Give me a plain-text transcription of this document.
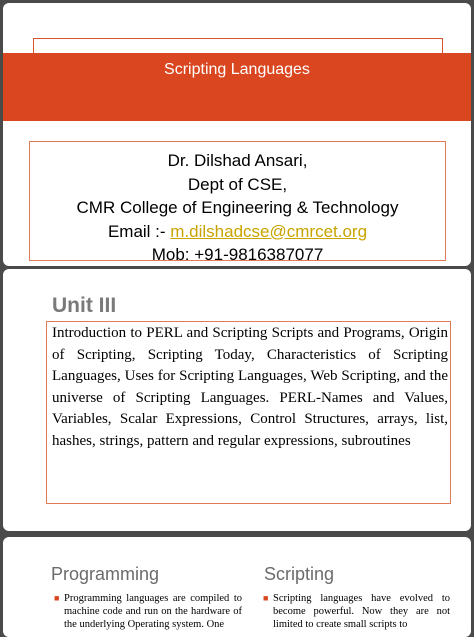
Scripting Languages
Dr. Dilshad Ansari,
Dept of CSE,
CMR College of Engineering & Technology
Email :- m.dilshadcse@cmrcet.org
Mob: +91-9816387077
Unit III
Introduction to PERL and Scripting Scripts and Programs, Origin of Scripting, Scripting Today, Characteristics of Scripting Languages, Uses for Scripting Languages, Web Scripting, and the universe of Scripting Languages. PERL-Names and Values, Variables, Scalar Expressions, Control Structures, arrays, list, hashes, strings, pattern and regular expressions, subroutines
Programming	Scripting
■ Programming languages are compiled to machine code and run on the hardware of the underlying Operating system. One
■ Scripting languages have evolved to become powerful. Now they are not limited to create small scripts to
